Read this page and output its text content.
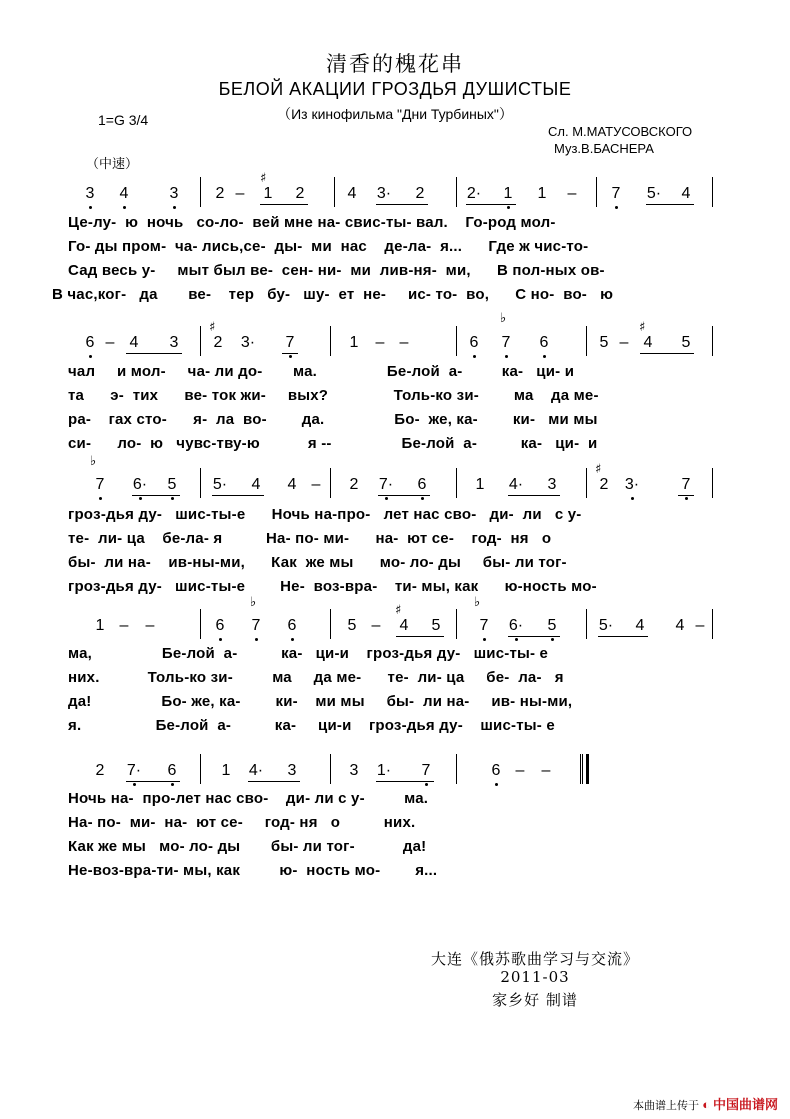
清香的槐花串
БЕЛОЙ АКАЦИИ ГРОЗДЬЯ ДУШИСТЫЕ
（Из кинофильма "Дни Турбиных"）
1=G 3/4
Сл. М.МАТУСОВСКОГО
Муз.В.БАСНЕРА
（中速）
3 4	3 2 – 1 2	4 3· 2	2· 1 1 – 7 5· 4
♯
Це-лу-  ю  ночь   со-ло-  вей мне на- свис-ты- вал.    Го-род мол-
Го- ды пром-  ча- лись,се-  ды-  ми  нас    де-ла-  я...      Где ж чис-то-
Сад весь у-     мыт был ве-  сен- ни-  ми  лив-ня-  ми,      В пол-ных ов-
В час,ког-   да       ве-    тер   бу-   шу-  ет  не-     ис- то-  во,      С но-  во-   ю
6 – 4 3 2 3· 7	1 – –	6 7 6	5 – 4 5
♯
♭
♯
чал     и мол-     ча- ли до-       ма.                Бе-лой  а-         ка-   ци- и
та      э-  тих      ве- ток жи-     вых?               Толь-ко зи-        ма    да ме-
ра-    гах сто-      я-  ла  во-        да.                Бо-  же, ка-        ки-   ми мы
си-      ло-  ю   чувс-тву-ю           я --                Бе-лой  а-          ка-   ци-  и
7 6· 5 5· 4 4 – 2 7· 6	1 4· 3	2 3·	7
♭
♯
грoз-дья ду-   шис-ты-е      Ночь на-про-   лет нас сво-   ди-  ли   с у-
те-  ли- ца    бе-ла- я          На- по- ми-      на-  ют се-    год-  ня   о
бы-  ли на-    ив-ны-ми,      Как  же мы      мо- ло- ды     бы- ли тог-
гроз-дья ду-   шис-ты-е        Не-  воз-вра-    ти- мы, как      ю-ность мо-
1 – –	6 7 6	5 – 4 5 7 6· 5	5· 4 4 –
♭
♯
♭
ма,                Бе-лой  а-          ка-   ци-и    гроз-дья ду-   шис-ты- е
них.           Толь-ко зи-         ма     да ме-      те-  ли- ца     бе-  ла-   я
да!                Бо- же, ка-        ки-    ми мы     бы-  ли на-     ив- ны-ми,
я.                 Бе-лой  а-          ка-     ци-и    гроз-дья ду-    шис-ты- е
2 7· 6	1 4· 3	3 1· 7	6 – –
Ночь на-  про-лет нас сво-    ди- ли с у-         ма.
На- по-  ми-  на-  ют се-     год- ня   о          них.
Как же мы   мо- ло- ды       бы- ли тог-           да!
Не-воз-вра-ти- мы, как         ю-  ность мо-        я...
大连《俄苏歌曲学习与交流》
2011-03
家乡好 制谱
本曲谱上传于 ◐ 中国曲谱网
